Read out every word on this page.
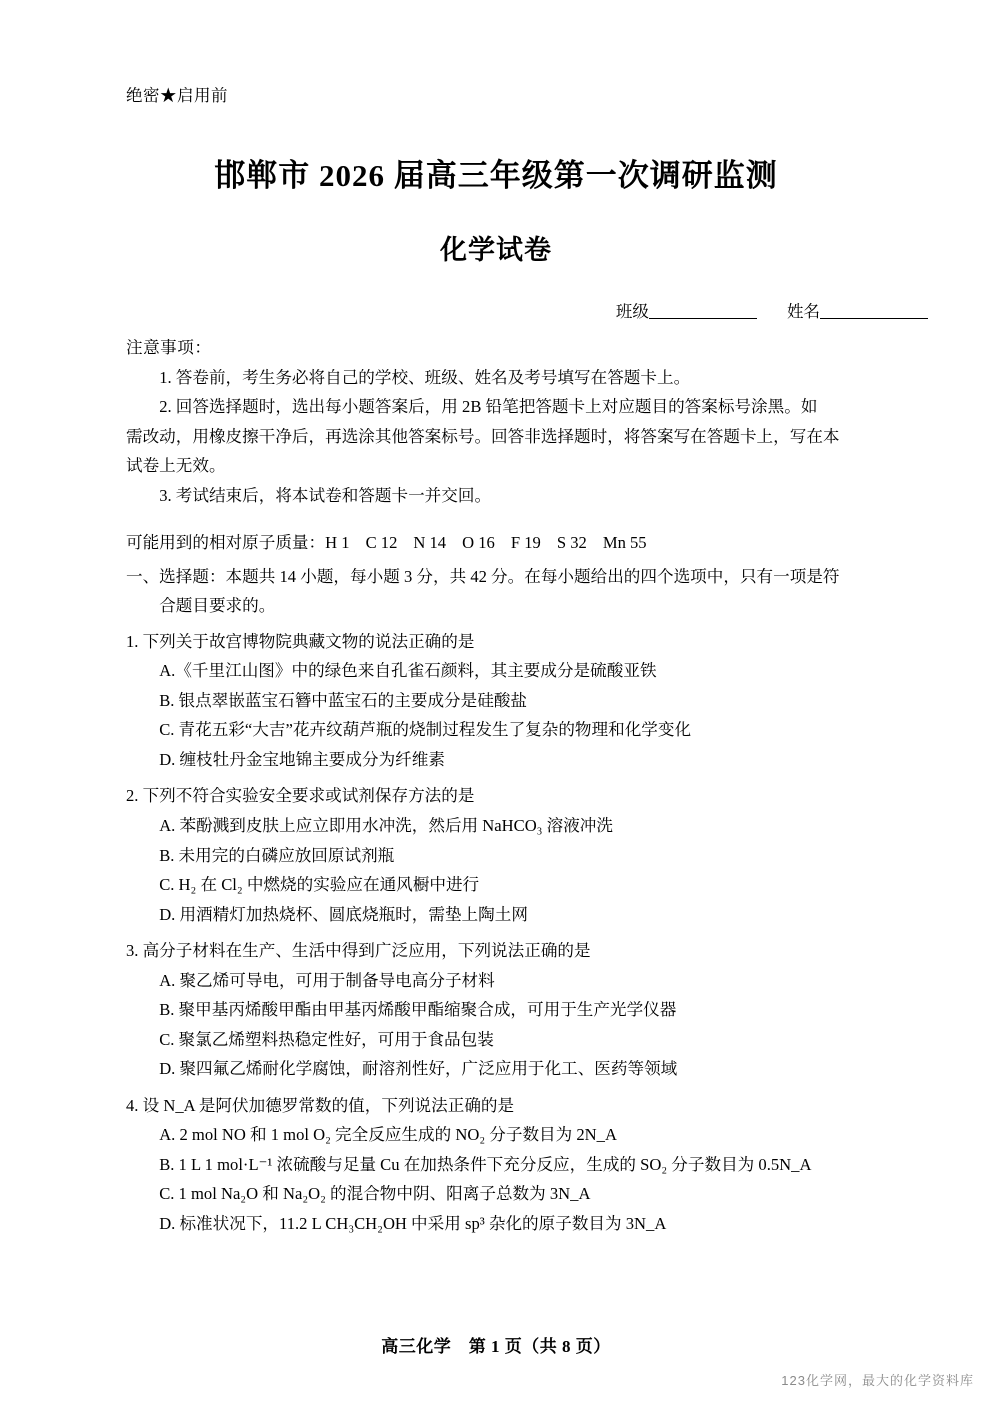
绝密★启用前
邯郸市 2026 届高三年级第一次调研监测
化学试卷
班级	姓名
注意事项：
1. 答卷前，考生务必将自己的学校、班级、姓名及考号填写在答题卡上。
2. 回答选择题时，选出每小题答案后，用 2B 铅笔把答题卡上对应题目的答案标号涂黑。如
需改动，用橡皮擦干净后，再选涂其他答案标号。回答非选择题时，将答案写在答题卡上，写在本
试卷上无效。
3. 考试结束后，将本试卷和答题卡一并交回。
可能用到的相对原子质量：H 1 C 12 N 14 O 16 F 19 S 32 Mn 55
一、选择题：本题共 14 小题，每小题 3 分，共 42 分。在每小题给出的四个选项中，只有一项是符
合题目要求的。
1. 下列关于故宫博物院典藏文物的说法正确的是
A.《千里江山图》中的绿色来自孔雀石颜料，其主要成分是硫酸亚铁
B. 银点翠嵌蓝宝石簪中蓝宝石的主要成分是硅酸盐
C. 青花五彩“大吉”花卉纹葫芦瓶的烧制过程发生了复杂的物理和化学变化
D. 缠枝牡丹金宝地锦主要成分为纤维素
2. 下列不符合实验安全要求或试剂保存方法的是
A. 苯酚溅到皮肤上应立即用水冲洗，然后用 NaHCO₃ 溶液冲洗
B. 未用完的白磷应放回原试剂瓶
C. H₂ 在 Cl₂ 中燃烧的实验应在通风橱中进行
D. 用酒精灯加热烧杯、圆底烧瓶时，需垫上陶土网
3. 高分子材料在生产、生活中得到广泛应用，下列说法正确的是
A. 聚乙烯可导电，可用于制备导电高分子材料
B. 聚甲基丙烯酸甲酯由甲基丙烯酸甲酯缩聚合成，可用于生产光学仪器
C. 聚氯乙烯塑料热稳定性好，可用于食品包装
D. 聚四氟乙烯耐化学腐蚀，耐溶剂性好，广泛应用于化工、医药等领域
4. 设 N_A 是阿伏加德罗常数的值，下列说法正确的是
A. 2 mol NO 和 1 mol O₂ 完全反应生成的 NO₂ 分子数目为 2N_A
B. 1 L 1 mol·L⁻¹ 浓硫酸与足量 Cu 在加热条件下充分反应，生成的 SO₂ 分子数目为 0.5N_A
C. 1 mol Na₂O 和 Na₂O₂ 的混合物中阴、阳离子总数为 3N_A
D. 标准状况下，11.2 L CH₃CH₂OH 中采用 sp³ 杂化的原子数目为 3N_A
高三化学　第 1 页（共 8 页）
123化学网，最大的化学资料库
